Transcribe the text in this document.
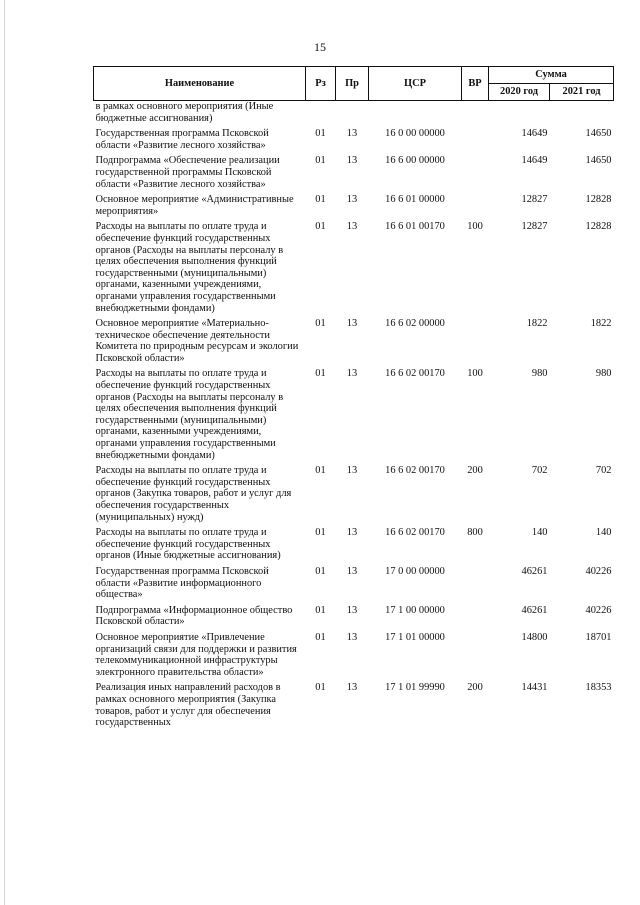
15
Наименование	Рз	Пр	ЦСР	ВР	Сумма	
					2020 год	2021 год
в рамках основного мероприятия (Иные бюджетные ассигнования)						
Государственная программа Псковской области «Развитие лесного хозяйства»	01	13	16 0 00 00000		14649	14650
Подпрограмма «Обеспечение реализации государственной программы Псковской области «Развитие лесного хозяйства»	01	13	16 6 00 00000		14649	14650
Основное мероприятие «Административные мероприятия»	01	13	16 6 01 00000		12827	12828
Расходы на выплаты по оплате труда и обеспечение функций государственных органов (Расходы на выплаты персоналу в целях обеспечения выполнения функций государственными (муниципальными) органами, казенными учреждениями, органами управления государственными внебюджетными фондами)	01	13	16 6 01 00170	100	12827	12828
Основное мероприятие «Материально-техническое обеспечение деятельности Комитета по природным ресурсам и экологии Псковской области»	01	13	16 6 02 00000		1822	1822
Расходы на выплаты по оплате труда и обеспечение функций государственных органов (Расходы на выплаты персоналу в целях обеспечения выполнения функций государственными (муниципальными) органами, казенными учреждениями, органами управления государственными внебюджетными фондами)	01	13	16 6 02 00170	100	980	980
Расходы на выплаты по оплате труда и обеспечение функций государственных органов (Закупка товаров, работ и услуг для обеспечения государственных (муниципальных) нужд)	01	13	16 6 02 00170	200	702	702
Расходы на выплаты по оплате труда и обеспечение функций государственных органов (Иные бюджетные ассигнования)	01	13	16 6 02 00170	800	140	140
Государственная программа Псковской области «Развитие информационного общества»	01	13	17 0 00 00000		46261	40226
Подпрограмма «Информационное общество Псковской области»	01	13	17 1 00 00000		46261	40226
Основное мероприятие «Привлечение организаций связи для поддержки и развития телекоммуникационной инфраструктуры электронного правительства области»	01	13	17 1 01 00000		14800	18701
Реализация иных направлений расходов в рамках основного мероприятия (Закупка товаров, работ и услуг для обеспечения государственных	01	13	17 1 01 99990	200	14431	18353
